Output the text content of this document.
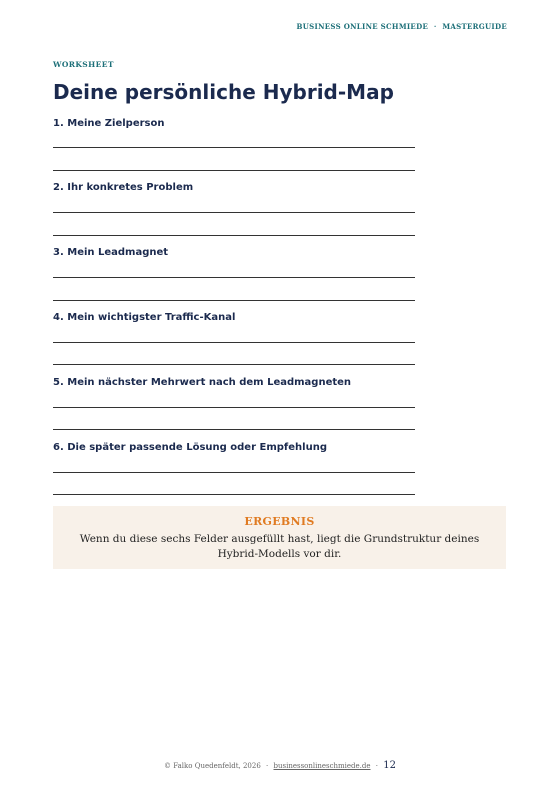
BUSINESS ONLINE SCHMIEDE · MASTERGUIDE
WORKSHEET
Deine persönliche Hybrid-Map
1. Meine Zielperson
2. Ihr konkretes Problem
3. Mein Leadmagnet
4. Mein wichtigster Traffic-Kanal
5. Mein nächster Mehrwert nach dem Leadmagneten
6. Die später passende Lösung oder Empfehlung
ERGEBNIS
Wenn du diese sechs Felder ausgefüllt hast, liegt die Grundstruktur deines Hybrid-Modells vor dir.
© Falko Quedenfeldt, 2026 · businessonlineschmiede.de · 12
